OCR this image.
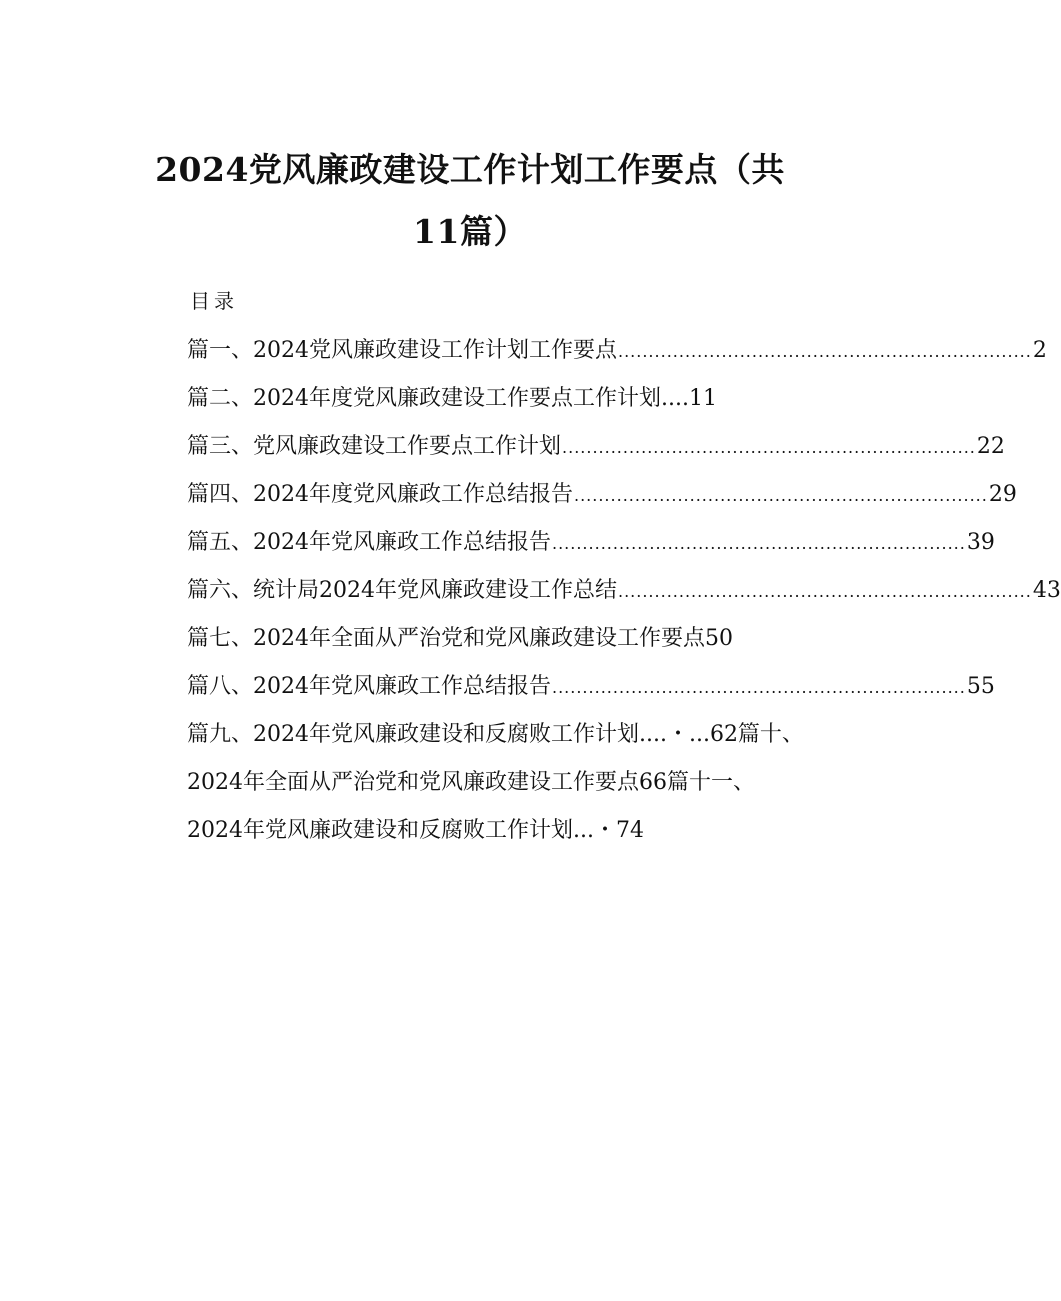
2024党风廉政建设工作计划工作要点（共
11篇）
目录
篇一、2024党风廉政建设工作计划工作要点 .................................................................... 2
篇二、2024年度党风廉政建设工作要点工作计划....11
篇三、党风廉政建设工作要点工作计划 .................................................................... 22
篇四、2024年度党风廉政工作总结报告 .................................................................... 29
篇五、2024年党风廉政工作总结报告 .................................................................... 39
篇六、统计局2024年党风廉政建设工作总结 .................................................................... 43
篇七、2024年全面从严治党和党风廉政建设工作要点50
篇八、2024年党风廉政工作总结报告 .................................................................... 55
篇九、2024年党风廉政建设和反腐败工作计划....・...62篇十、
2024年全面从严治党和党风廉政建设工作要点66篇十一、
2024年党风廉政建设和反腐败工作计划...・74
